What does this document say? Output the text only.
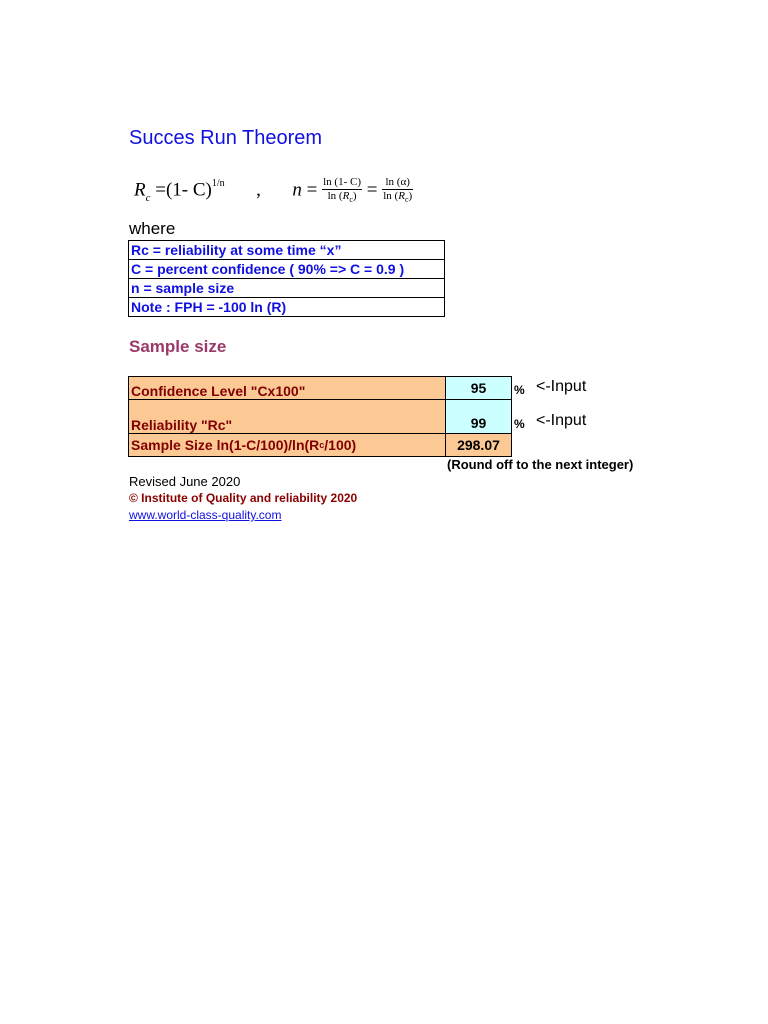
Succes Run Theorem
$R_c =(1-$ C)$^{1/n}$ , $n = \frac{\ln (1- C)}{\ln (R_c)} = \frac{\ln (\alpha)}{\ln (R_c)}$
where
Rc = reliability at some time “x”
C = percent confidence ( 90% => C = 0.9 )
n = sample size
Note : FPH = -100 ln (R)
Sample size
Confidence Level "Cx100"	95	% <-Input
Reliability "Rc"	99	% <-Input
Sample Size ln(1-C/100)/ln(R c /100)	298.07
(Round off to the next integer)
Revised June 2020
© Institute of Quality and reliability 2020
www.world-class-quality.com
